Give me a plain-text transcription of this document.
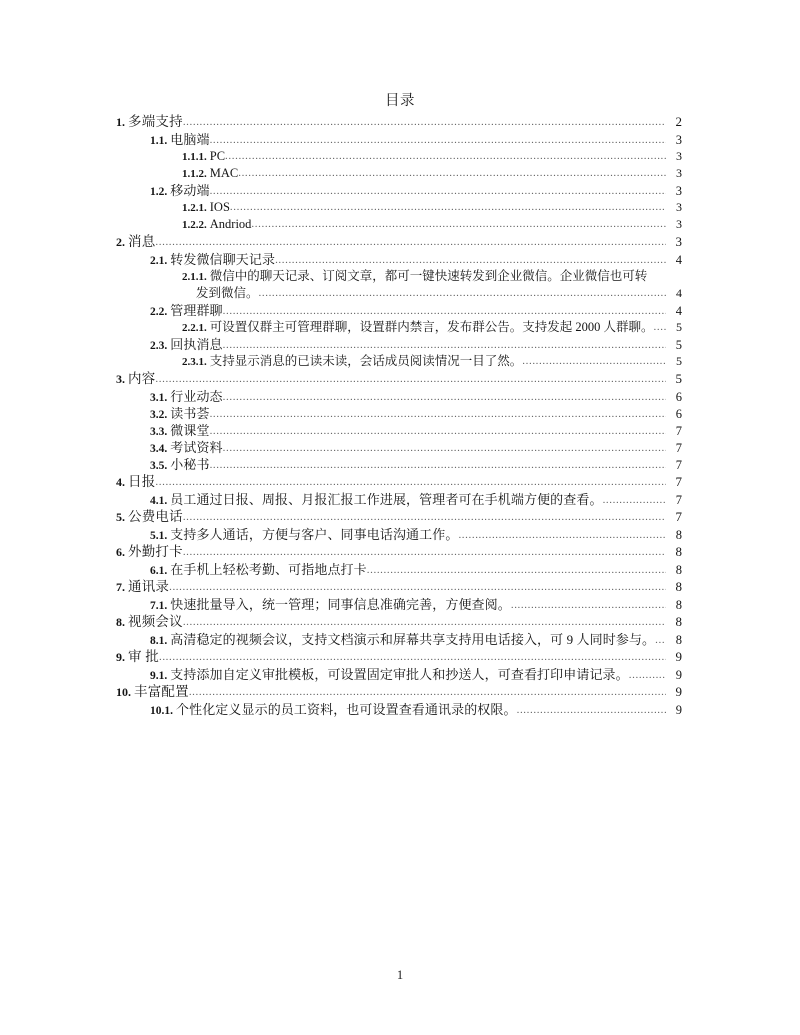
目录
1. 多端支持 .....	2
1.1. 电脑端 .....	3
1.1.1. PC .....	3
1.1.2. MAC .....	3
1.2. 移动端 .....	3
1.2.1. IOS .....	3
1.2.2. Andriod .....	3
2. 消息 .....	3
2.1. 转发微信聊天记录 .....	4
2.1.1. 微信中的聊天记录、订阅文章，都可一键快速转发到企业微信。企业微信也可转
发到微信。 .....	4
2.2. 管理群聊 .....	4
2.2.1. 可设置仅群主可管理群聊，设置群内禁言，发布群公告。支持发起 2000 人群聊。 .....	5
2.3. 回执消息 .....	5
2.3.1. 支持显示消息的已读未读，会话成员阅读情况一目了然。 .....	5
3. 内容 .....	5
3.1. 行业动态 .....	6
3.2. 读书荟 .....	6
3.3. 微课堂 .....	7
3.4. 考试资料 .....	7
3.5. 小秘书 .....	7
4. 日报 .....	7
4.1. 员工通过日报、周报、月报汇报工作进展，管理者可在手机端方便的查看。 .....	7
5. 公费电话 .....	7
5.1. 支持多人通话，方便与客户、同事电话沟通工作。 .....	8
6. 外勤打卡 .....	8
6.1. 在手机上轻松考勤、可指地点打卡 .....	8
7. 通讯录 .....	8
7.1. 快速批量导入，统一管理；同事信息准确完善，方便查阅。 .....	8
8. 视频会议 .....	8
8.1. 高清稳定的视频会议，支持文档演示和屏幕共享支持用电话接入，可 9 人同时参与。 .....	8
9. 审 批 .....	9
9.1. 支持添加自定义审批模板，可设置固定审批人和抄送人，可查看打印申请记录。 .....	9
10. 丰富配置 .....	9
10.1. 个性化定义显示的员工资料，也可设置查看通讯录的权限。 .....	9
1
